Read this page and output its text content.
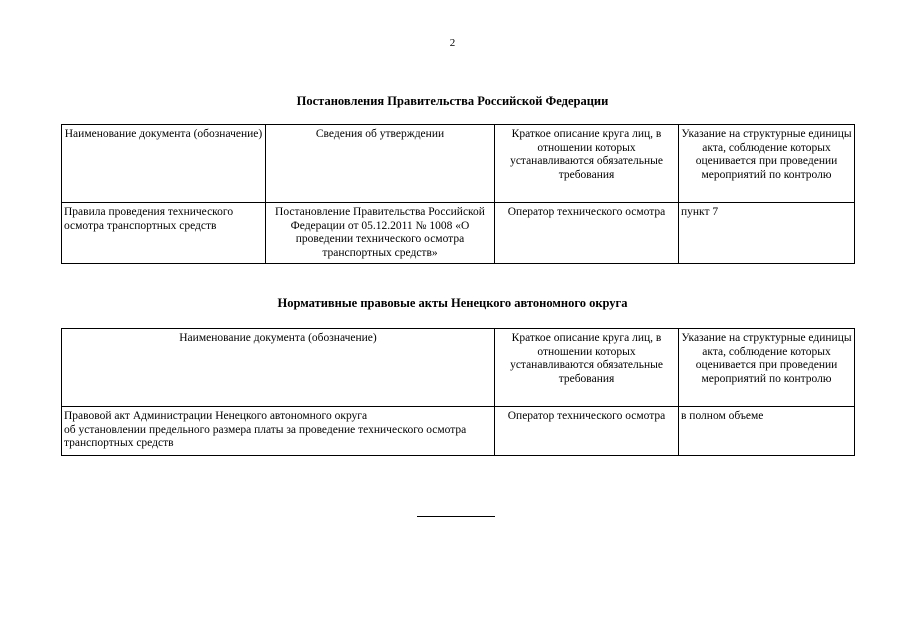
2
Постановления Правительства Российской Федерации
Наименование документа (обозначение)	Сведения об утверждении	Краткое описание круга лиц, в отношении которых устанавливаются обязательные требования	Указание на структурные единицы акта, соблюдение которых оценивается при проведении мероприятий по контролю
Правила проведения технического осмотра транспортных средств	Постановление Правительства Российской Федерации от 05.12.2011 № 1008 «О проведении технического осмотра транспортных средств»	Оператор технического осмотра	пункт 7
Нормативные правовые акты Ненецкого автономного округа
Наименование документа (обозначение)	Краткое описание круга лиц, в отношении которых устанавливаются обязательные требования	Указание на структурные единицы акта, соблюдение которых оценивается при проведении мероприятий по контролю

Правовой акт Администрации Ненецкого автономного округа
об установлении предельного размера платы за проведение технического осмотра транспортных средств	Оператор технического осмотра	в полном объеме
